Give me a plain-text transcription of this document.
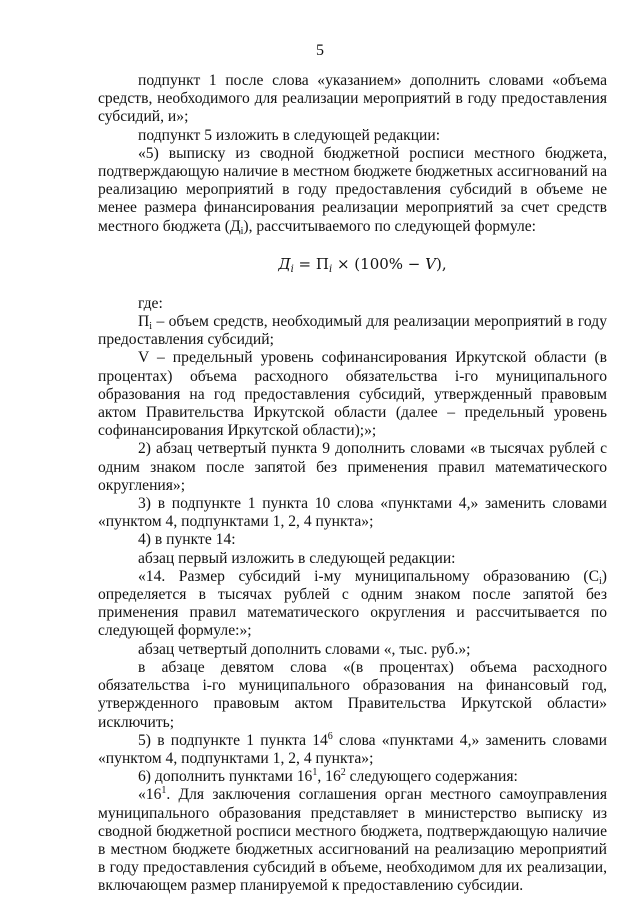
5

подпункт 1 после слова «указанием» дополнить словами «объема средств, необходимого для реализации мероприятий в году предоставления субсидий, и»;

подпункт 5 изложить в следующей редакции:

«5) выписку из сводной бюджетной росписи местного бюджета, подтверждающую наличие в местном бюджете бюджетных ассигнований на реализацию мероприятий в году предоставления субсидий в объеме не менее размера финансирования реализации мероприятий за счет средств местного бюджета $(Д_i)$, рассчитываемого по следующей формуле:

$Д_i = П_i \times (100\% - V)$,

где:

$П_i$ – объем средств, необходимый для реализации мероприятий в году предоставления субсидий;

V – предельный уровень софинансирования Иркутской области (в процентах) объема расходного обязательства i-го муниципального образования на год предоставления субсидий, утвержденный правовым актом Правительства Иркутской области (далее – предельный уровень софинансирования Иркутской области);»;

2) абзац четвертый пункта 9 дополнить словами «в тысячах рублей с одним знаком после запятой без применения правил математического округления»;

3) в подпункте 1 пункта 10 слова «пунктами 4,» заменить словами «пунктом 4, подпунктами 1, 2, 4 пункта»;

4) в пункте 14:

абзац первый изложить в следующей редакции:

«14. Размер субсидий i-му муниципальному образованию $(С_i)$ определяется в тысячах рублей с одним знаком после запятой без применения правил математического округления и рассчитывается по следующей формуле:»;

абзац четвертый дополнить словами «, тыс. руб.»;

в абзаце девятом слова «(в процентах) объема расходного обязательства i-го муниципального образования на финансовый год, утвержденного правовым актом Правительства Иркутской области» исключить;

5) в подпункте 1 пункта $14^6$ слова «пунктами 4,» заменить словами «пунктом 4, подпунктами 1, 2, 4 пункта»;

6) дополнить пунктами $16^1$, $16^2$ следующего содержания:

«$16^1$. Для заключения соглашения орган местного самоуправления муниципального образования представляет в министерство выписку из сводной бюджетной росписи местного бюджета, подтверждающую наличие в местном бюджете бюджетных ассигнований на реализацию мероприятий в году предоставления субсидий в объеме, необходимом для их реализации, включающем размер планируемой к предоставлению субсидии.
